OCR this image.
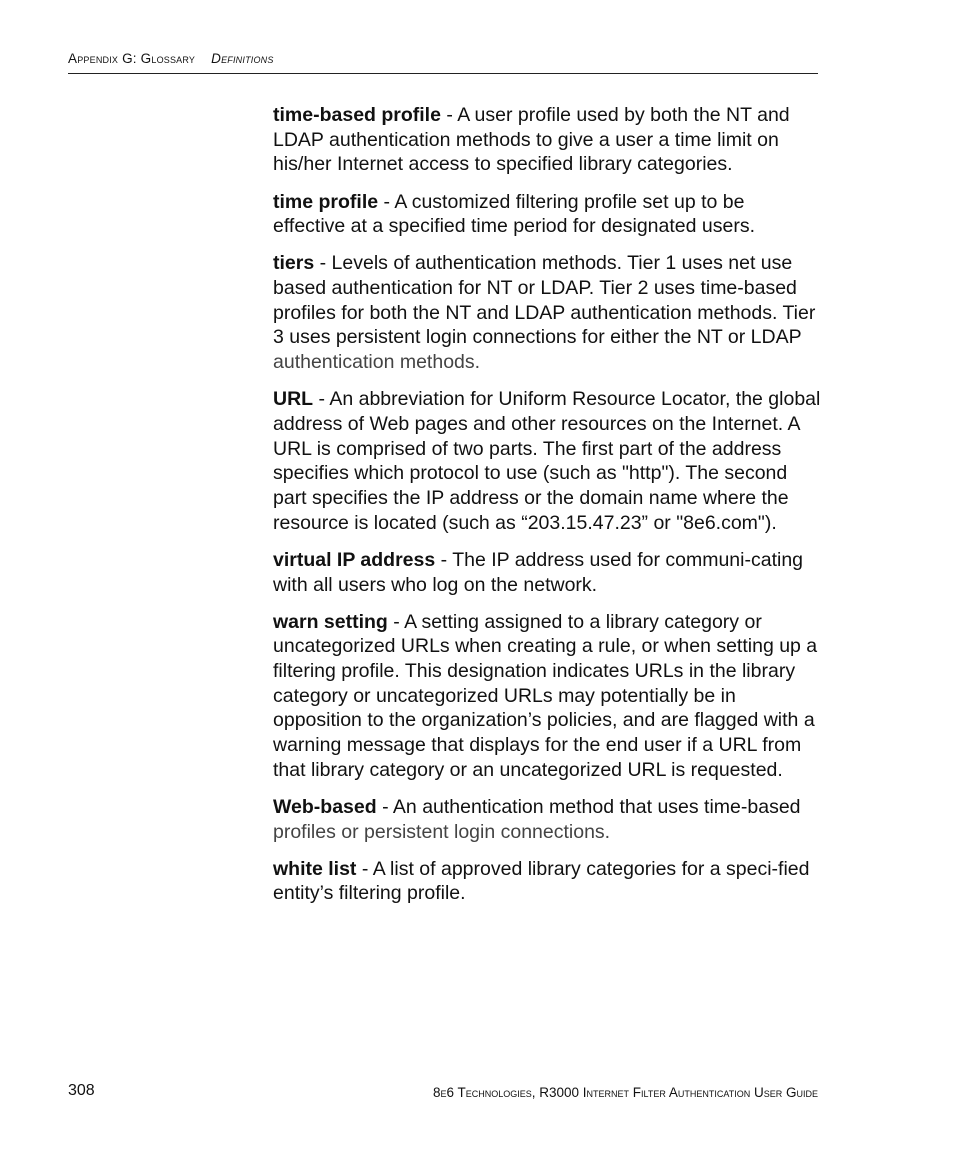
Appendix G: Glossary Definitions

time-based profile - A user profile used by both the NT and LDAP authentication methods to give a user a time limit on his/her Internet access to specified library categories.

time profile - A customized filtering profile set up to be effective at a specified time period for designated users.

tiers - Levels of authentication methods. Tier 1 uses net use based authentication for NT or LDAP. Tier 2 uses time-based profiles for both the NT and LDAP authentication methods. Tier 3 uses persistent login connections for either the NT or LDAP authentication methods.

URL - An abbreviation for Uniform Resource Locator, the global address of Web pages and other resources on the Internet. A URL is comprised of two parts. The first part of the address specifies which protocol to use (such as "http"). The second part specifies the IP address or the domain name where the resource is located (such as “203.15.47.23” or "8e6.com").

virtual IP address - The IP address used for communi-cating with all users who log on the network.

warn setting - A setting assigned to a library category or uncategorized URLs when creating a rule, or when setting up a filtering profile. This designation indicates URLs in the library category or uncategorized URLs may potentially be in opposition to the organization’s policies, and are flagged with a warning message that displays for the end user if a URL from that library category or an uncategorized URL is requested.

Web-based - An authentication method that uses time-based profiles or persistent login connections.

white list - A list of approved library categories for a speci-fied entity’s filtering profile.

308	8e6 Technologies, R3000 Internet Filter Authentication User Guide
